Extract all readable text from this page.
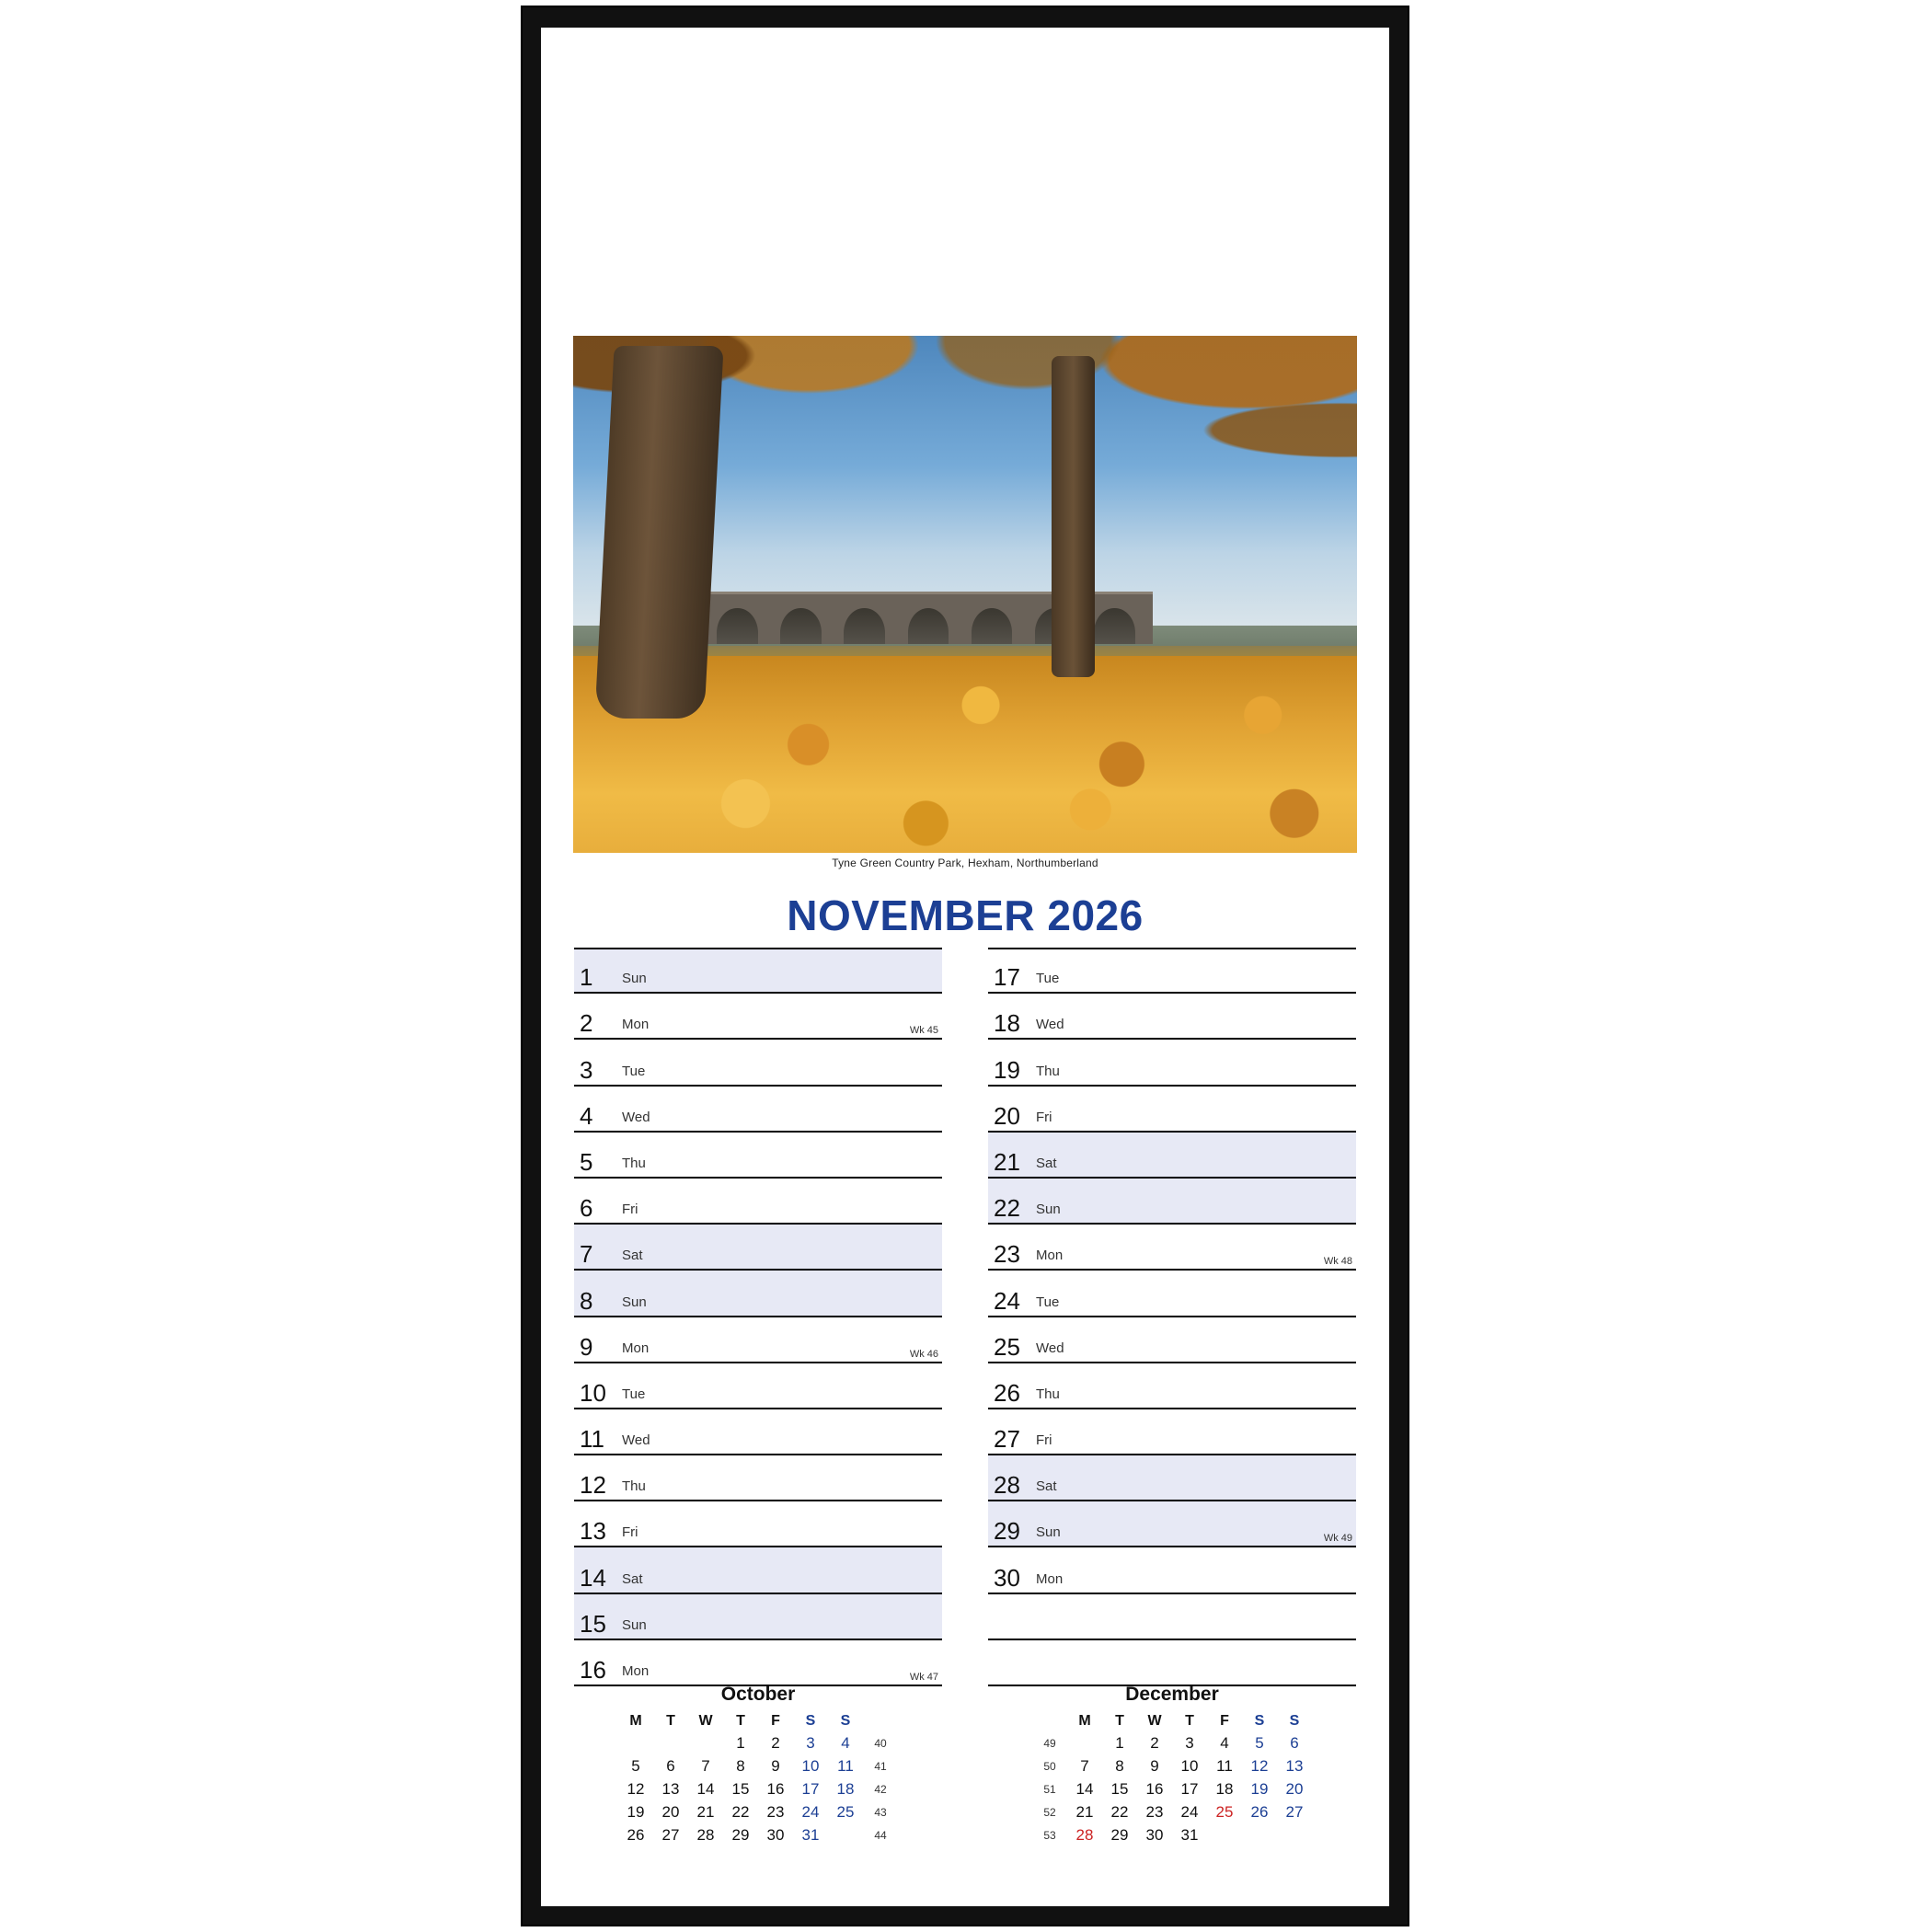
Tyne Green Country Park, Hexham, Northumberland
NOVEMBER 2026
1 Sun
2 Mon	Wk 45
3 Tue
4 Wed
5 Thu
6 Fri
7 Sat
8 Sun
9 Mon	Wk 46
10 Tue
11 Wed
12 Thu
13 Fri
14 Sat
15 Sun
16 Mon	Wk 47
17 Tue
18 Wed
19 Thu
20 Fri
21 Sat
22 Sun
23 Mon	Wk 48
24 Tue
25 Wed
26 Thu
27 Fri
28 Sat
29 Sun	Wk 49
30 Mon
October
M	T	W	T	F	S	S	
			1	2	3	4	40
5	6	7	8	9	10	11	41
12	13	14	15	16	17	18	42
19	20	21	22	23	24	25	43
26	27	28	29	30	31		44
December
	M	T	W	T	F	S	S
49		1	2	3	4	5	6
50	7	8	9	10	11	12	13
51	14	15	16	17	18	19	20
52	21	22	23	24	25	26	27
53	28	29	30	31			
